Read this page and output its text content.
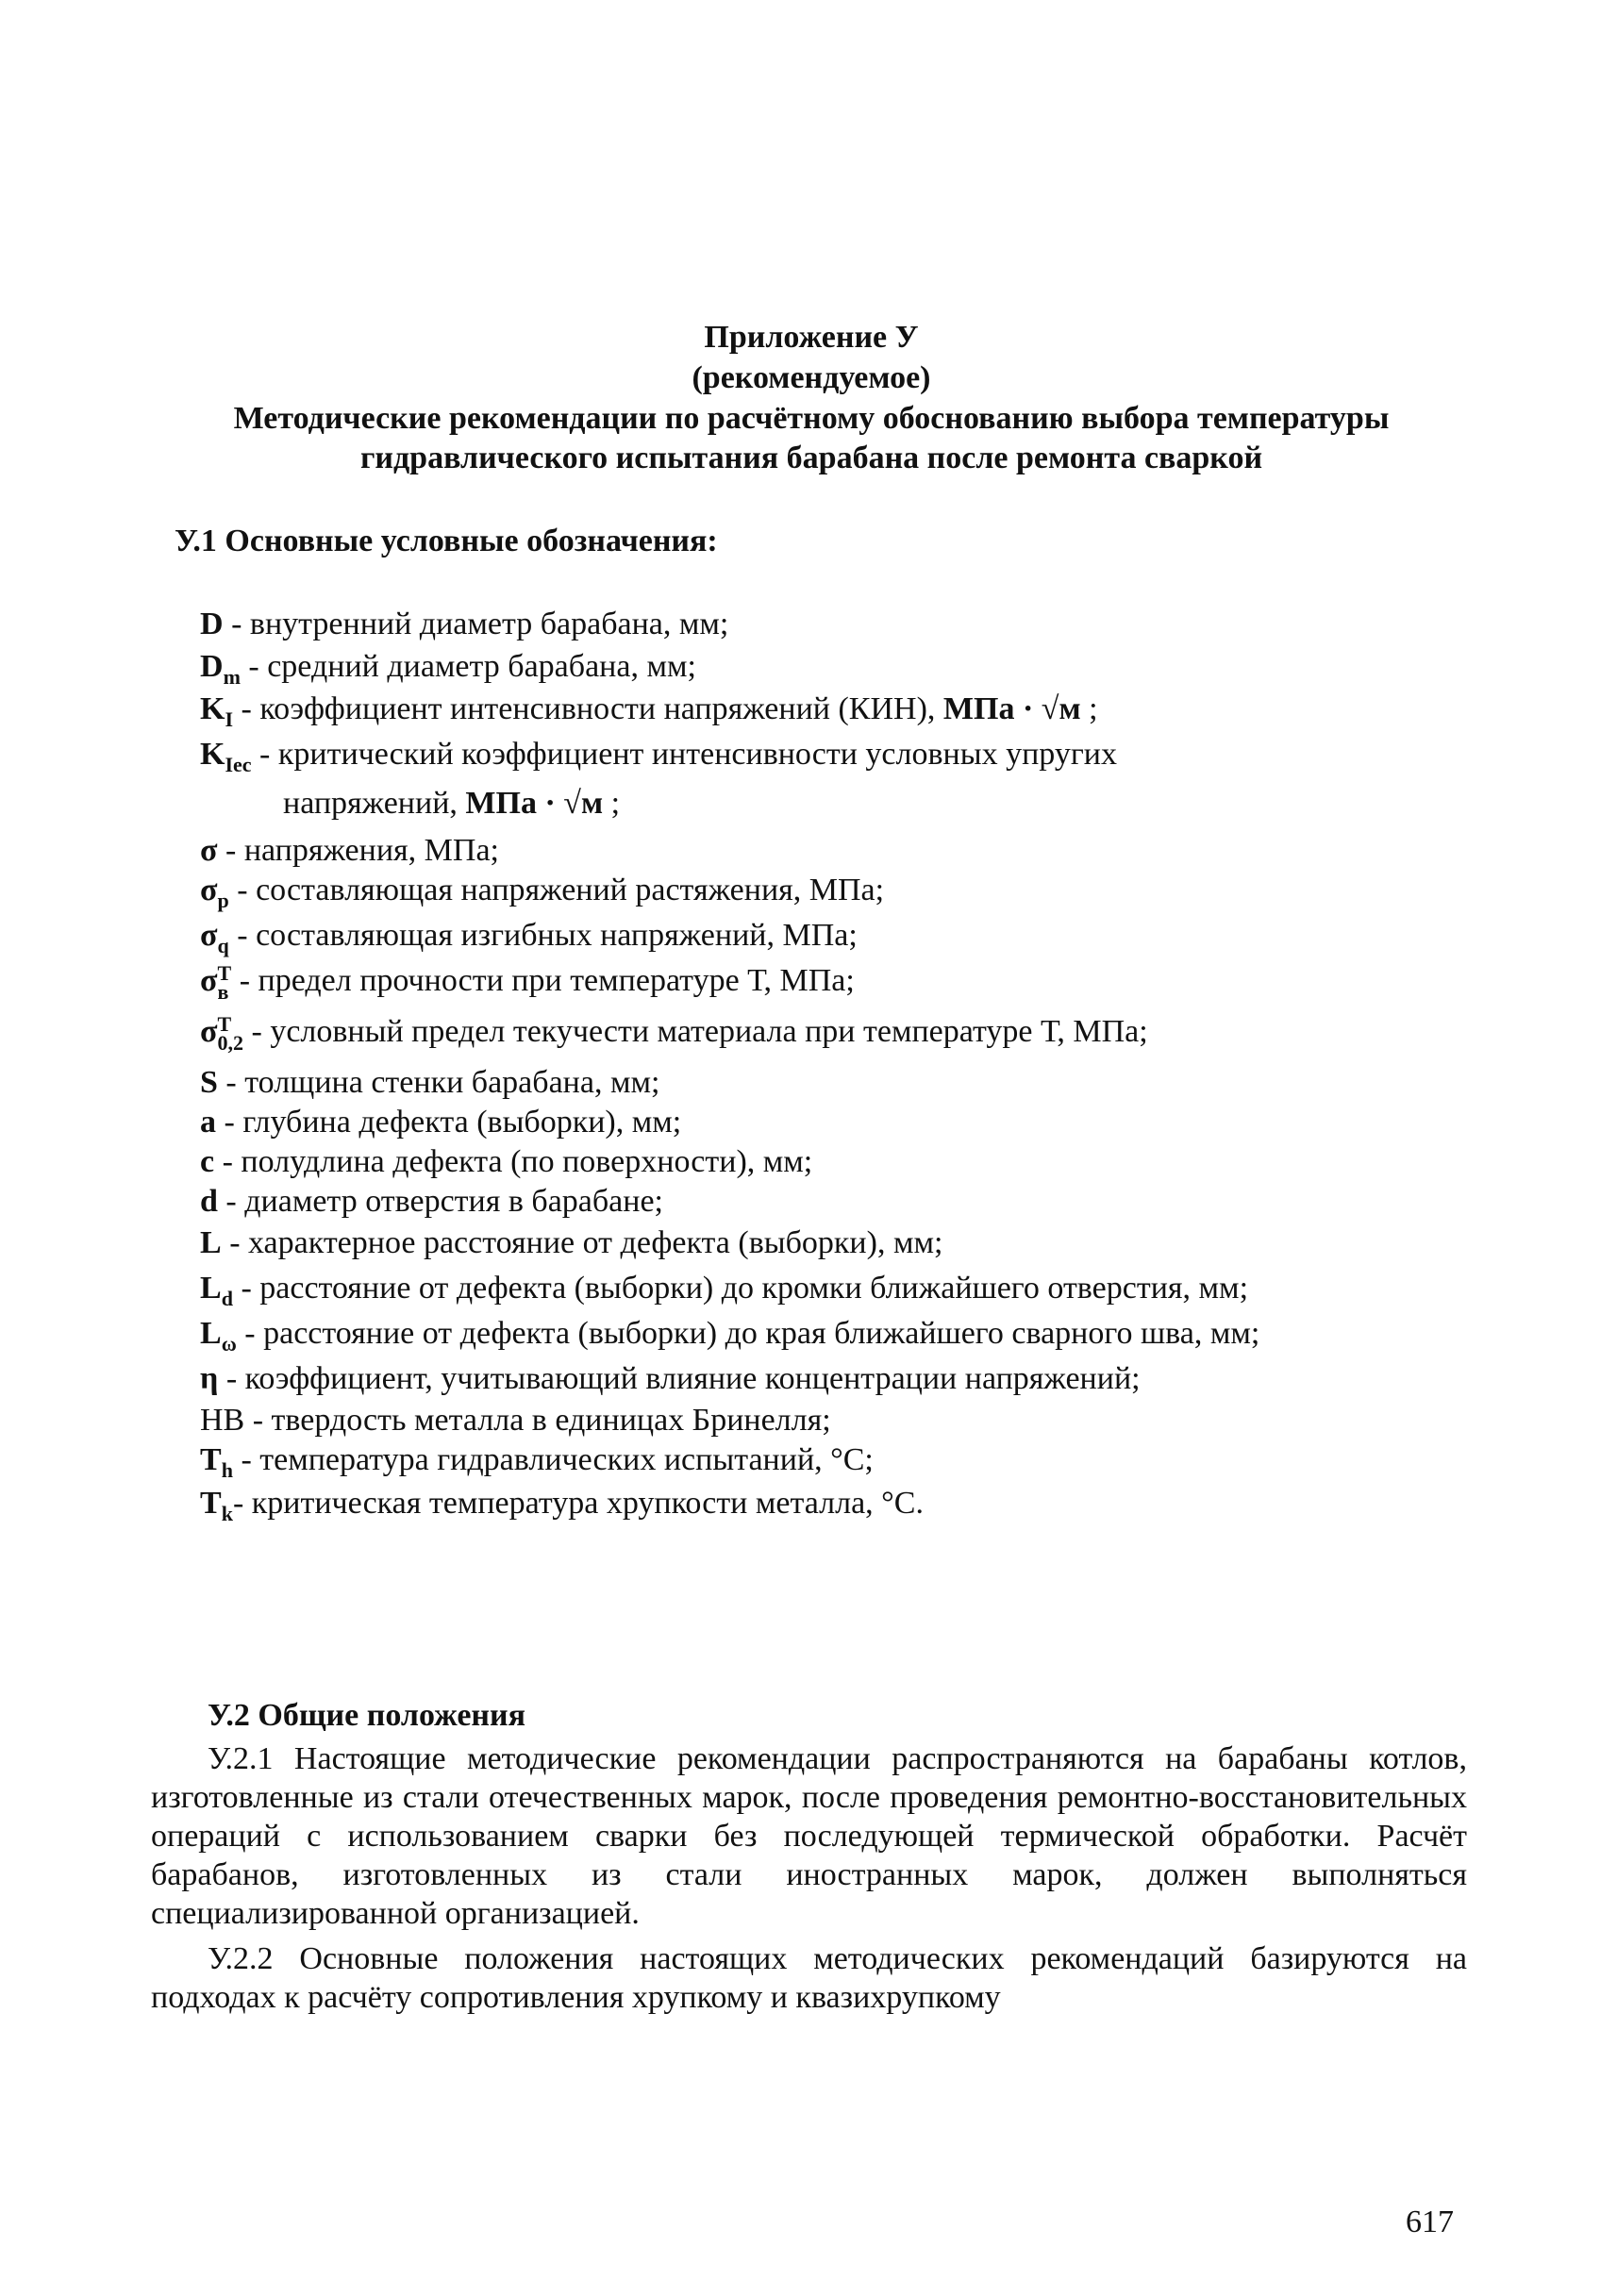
Приложение У
(рекомендуемое)
Методические рекомендации по расчётному обоснованию выбора температуры
гидравлического испытания барабана после ремонта сваркой
У.1 Основные условные обозначения:
D - внутренний диаметр барабана, мм;
$D_m$ - средний диаметр барабана, мм;
$K_I$ - коэффициент интенсивности напряжений (КИН), МПа · √м ;
$K_{Iec}$ - критический коэффициент интенсивности условных упругих
напряжений, МПа · √м ;
σ - напряжения, МПа;
$\sigma_p$ - составляющая напряжений растяжения, МПа;
$\sigma_q$ - составляющая изгибных напряжений, МПа;
σ T
в - предел прочности при температуре Т, МПа;
σ T
0,2 - условный предел текучести материала при температуре Т, МПа;
S - толщина стенки барабана, мм;
a - глубина дефекта (выборки), мм;
c - полудлина дефекта (по поверхности), мм;
d - диаметр отверстия в барабане;
L - характерное расстояние от дефекта (выборки), мм;
$L_d$ - расстояние от дефекта (выборки) до кромки ближайшего отверстия, мм;
$L_\omega$ - расстояние от дефекта (выборки) до края ближайшего сварного шва, мм;
η - коэффициент, учитывающий влияние концентрации напряжений;
HB - твердость металла в единицах Бринелля;
$T_h$ - температура гидравлических испытаний, °С;
$T_k-$ критическая температура хрупкости металла, °С.
У.2 Общие положения
У.2.1 Настоящие методические рекомендации распространяются на барабаны котлов, изготовленные из стали отечественных марок, после проведения ремонтно-восстановительных операций с использованием сварки без последующей термической обработки. Расчёт барабанов, изготовленных из стали иностранных марок, должен выполняться специализированной организацией.
У.2.2 Основные положения настоящих методических рекомендаций базируются на подходах к расчёту сопротивления хрупкому и квазихрупкому
617
